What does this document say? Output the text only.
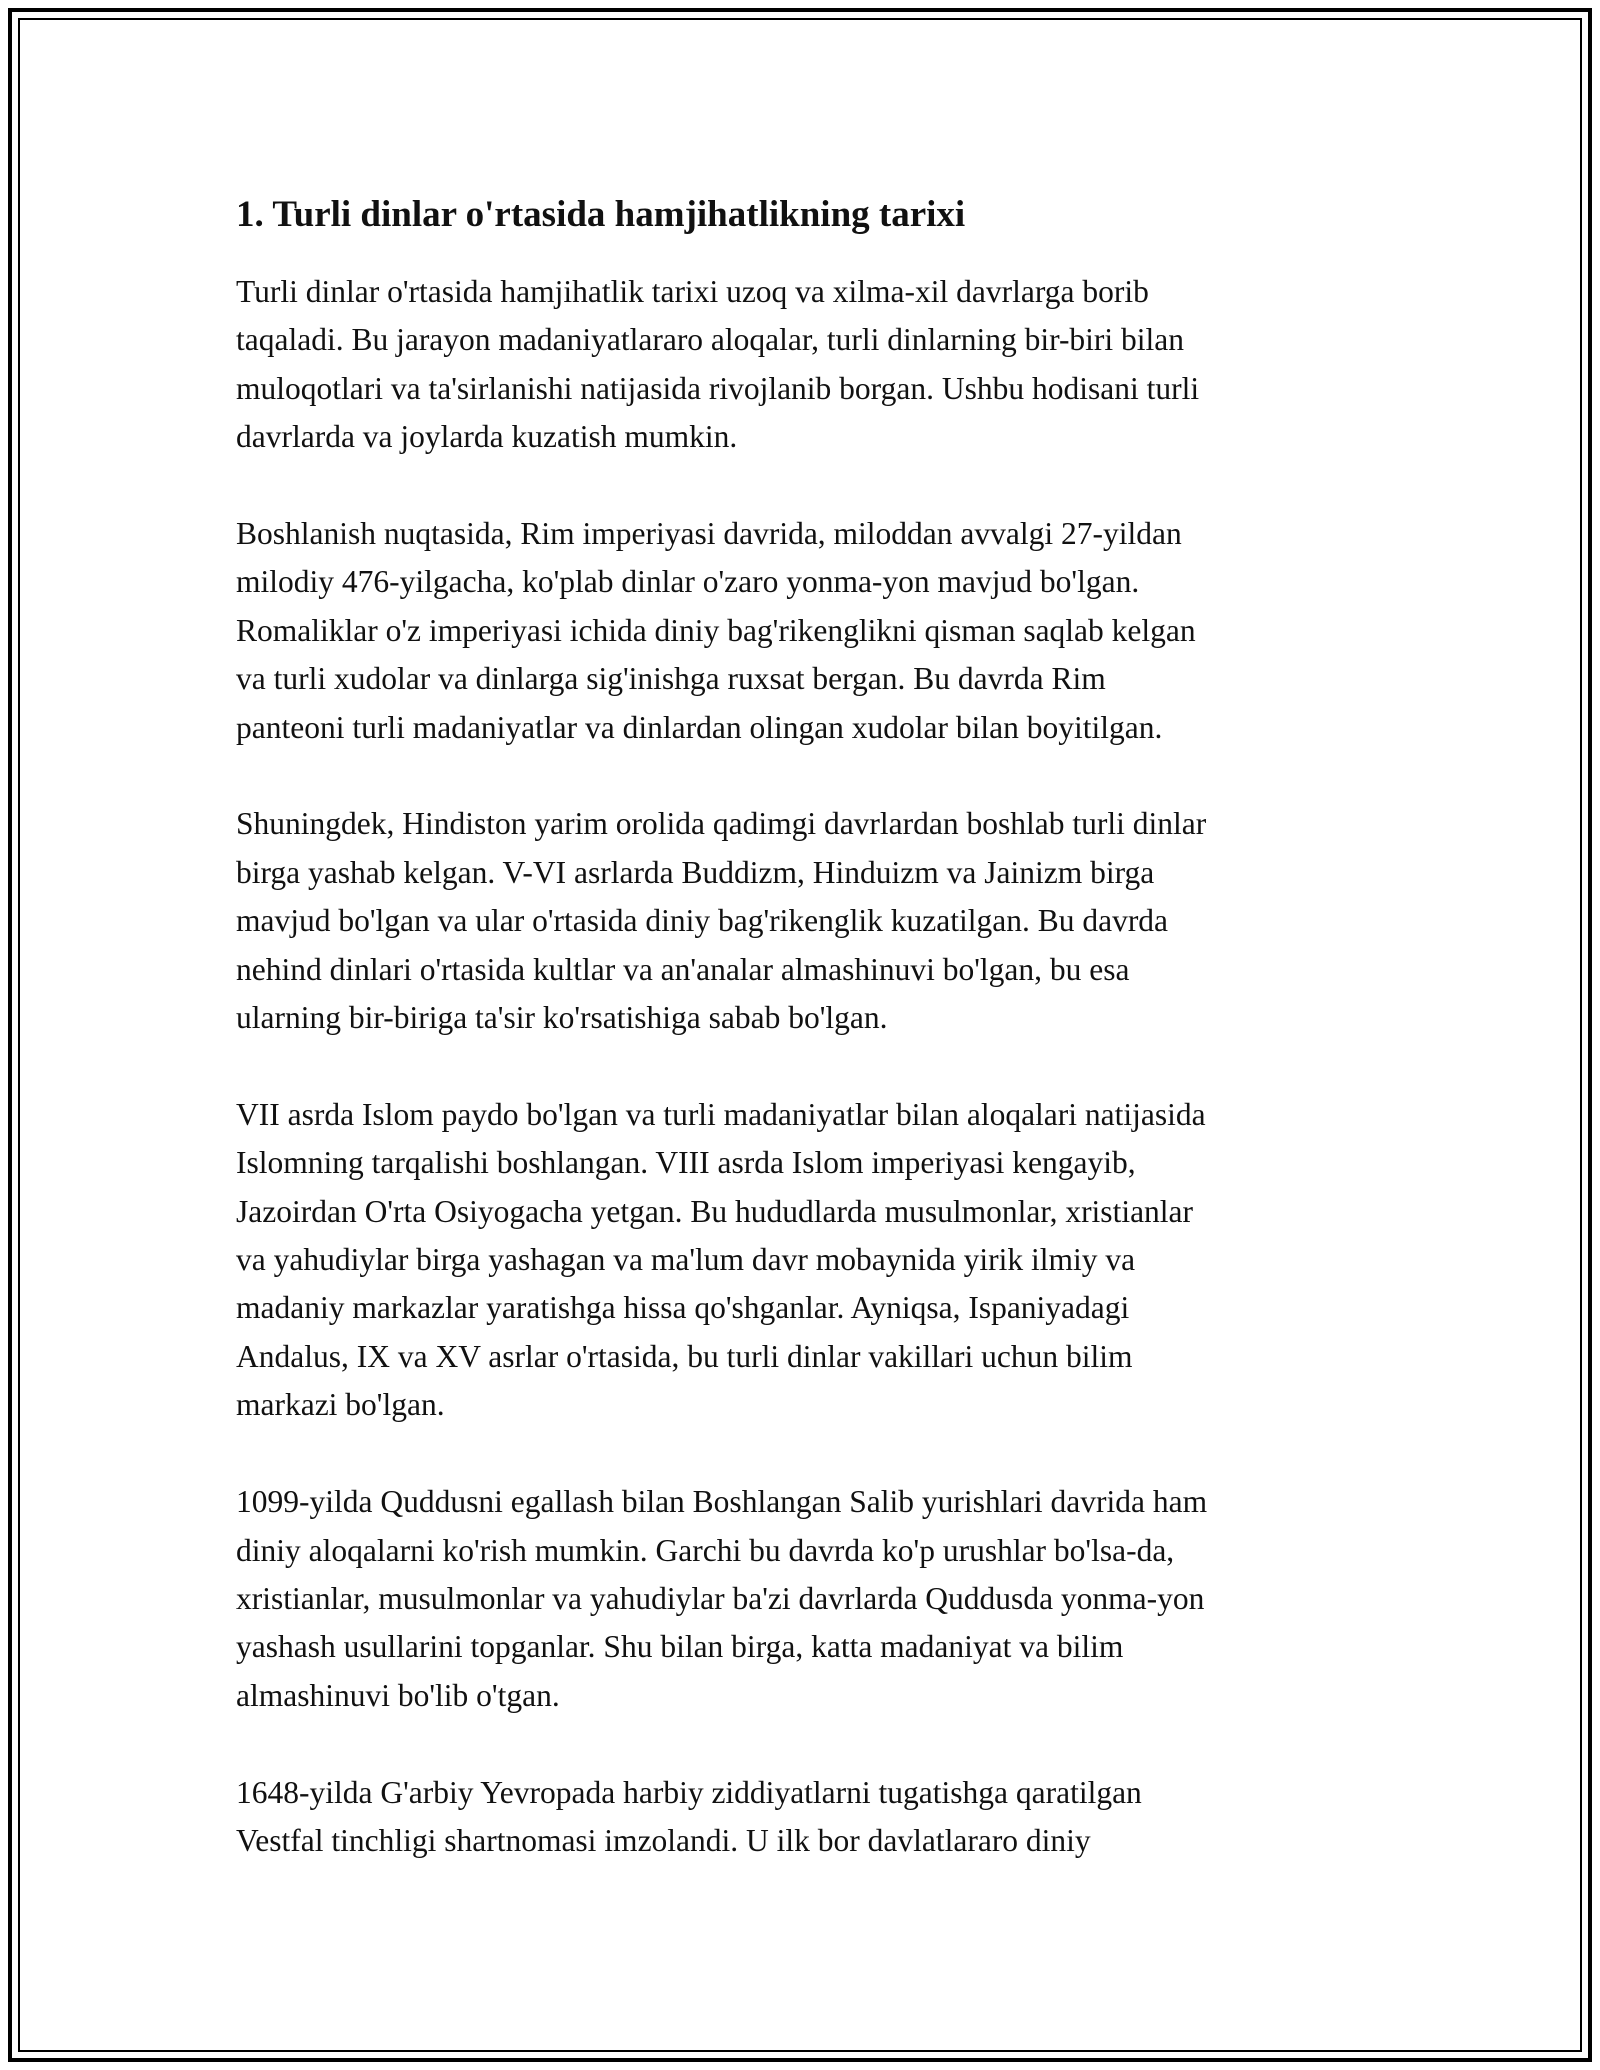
1. Turli dinlar o'rtasida hamjihatlikning tarixi
Turli dinlar o'rtasida hamjihatlik tarixi uzoq va xilma-xil davrlarga borib
taqaladi. Bu jarayon madaniyatlararo aloqalar, turli dinlarning bir-biri bilan
muloqotlari va ta'sirlanishi natijasida rivojlanib borgan. Ushbu hodisani turli
davrlarda va joylarda kuzatish mumkin.
Boshlanish nuqtasida, Rim imperiyasi davrida, miloddan avvalgi 27-yildan
milodiy 476-yilgacha, ko'plab dinlar o'zaro yonma-yon mavjud bo'lgan.
Romaliklar o'z imperiyasi ichida diniy bag'rikenglikni qisman saqlab kelgan
va turli xudolar va dinlarga sig'inishga ruxsat bergan. Bu davrda Rim
panteoni turli madaniyatlar va dinlardan olingan xudolar bilan boyitilgan.
Shuningdek, Hindiston yarim orolida qadimgi davrlardan boshlab turli dinlar
birga yashab kelgan. V-VI asrlarda Buddizm, Hinduizm va Jainizm birga
mavjud bo'lgan va ular o'rtasida diniy bag'rikenglik kuzatilgan. Bu davrda
nehind dinlari o'rtasida kultlar va an'analar almashinuvi bo'lgan, bu esa
ularning bir-biriga ta'sir ko'rsatishiga sabab bo'lgan.
VII asrda Islom paydo bo'lgan va turli madaniyatlar bilan aloqalari natijasida
Islomning tarqalishi boshlangan. VIII asrda Islom imperiyasi kengayib,
Jazoirdan O'rta Osiyogacha yetgan. Bu hududlarda musulmonlar, xristianlar
va yahudiylar birga yashagan va ma'lum davr mobaynida yirik ilmiy va
madaniy markazlar yaratishga hissa qo'shganlar. Ayniqsa, Ispaniyadagi
Andalus, IX va XV asrlar o'rtasida, bu turli dinlar vakillari uchun bilim
markazi bo'lgan.
1099-yilda Quddusni egallash bilan Boshlangan Salib yurishlari davrida ham
diniy aloqalarni ko'rish mumkin. Garchi bu davrda ko'p urushlar bo'lsa-da,
xristianlar, musulmonlar va yahudiylar ba'zi davrlarda Quddusda yonma-yon
yashash usullarini topganlar. Shu bilan birga, katta madaniyat va bilim
almashinuvi bo'lib o'tgan.
1648-yilda G'arbiy Yevropada harbiy ziddiyatlarni tugatishga qaratilgan
Vestfal tinchligi shartnomasi imzolandi. U ilk bor davlatlararo diniy
